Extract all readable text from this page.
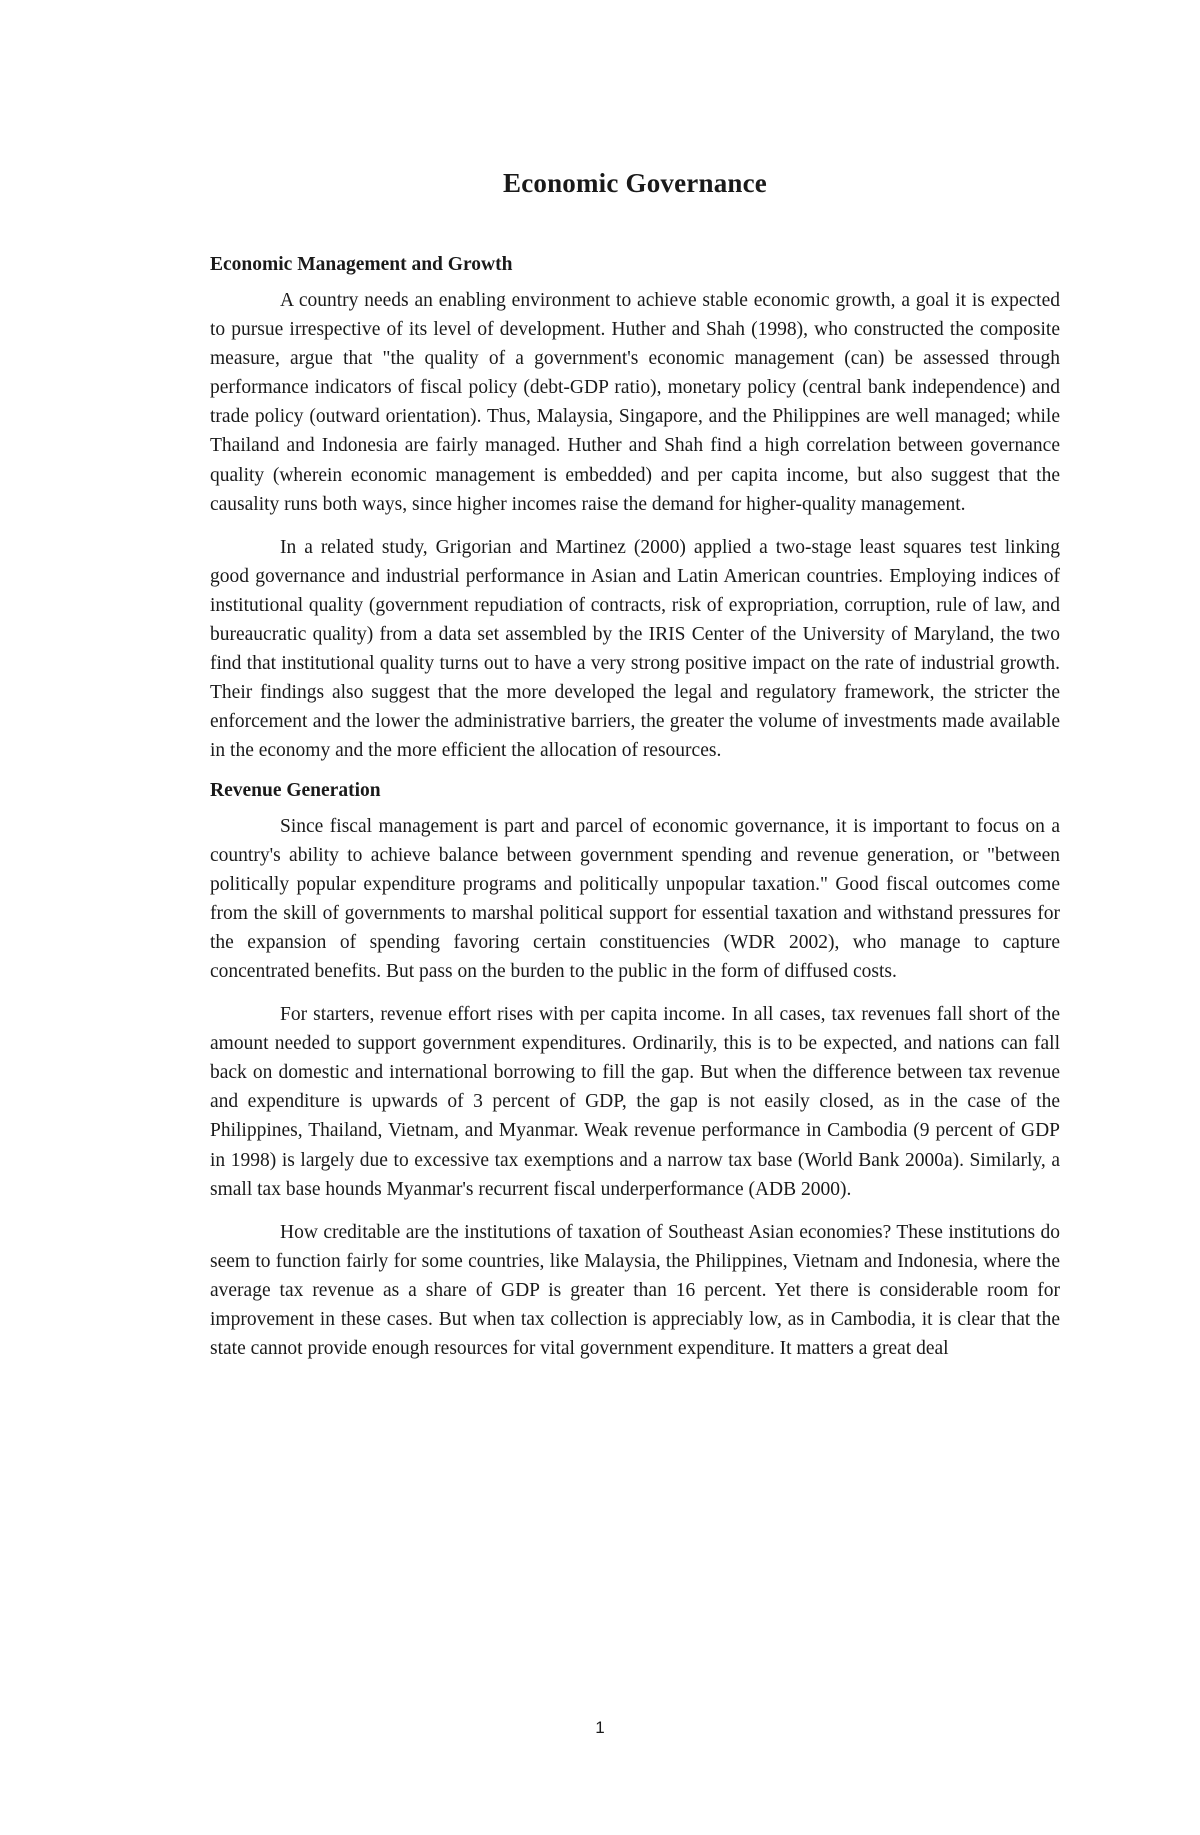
Economic Governance
Economic Management and Growth

A country needs an enabling environment to achieve stable economic growth, a goal it is expected to pursue irrespective of its level of development. Huther and Shah (1998), who constructed the composite measure, argue that "the quality of a government's economic management (can) be assessed through performance indicators of fiscal policy (debt-GDP ratio), monetary policy (central bank independence) and trade policy (outward orientation). Thus, Malaysia, Singapore, and the Philippines are well managed; while Thailand and Indonesia are fairly managed. Huther and Shah find a high correlation between governance quality (wherein economic management is embedded) and per capita income, but also suggest that the causality runs both ways, since higher incomes raise the demand for higher-quality management.

In a related study, Grigorian and Martinez (2000) applied a two-stage least squares test linking good governance and industrial performance in Asian and Latin American countries. Employing indices of institutional quality (government repudiation of contracts, risk of expropriation, corruption, rule of law, and bureaucratic quality) from a data set assembled by the IRIS Center of the University of Maryland, the two find that institutional quality turns out to have a very strong positive impact on the rate of industrial growth. Their findings also suggest that the more developed the legal and regulatory framework, the stricter the enforcement and the lower the administrative barriers, the greater the volume of investments made available in the economy and the more efficient the allocation of resources.

Revenue Generation

Since fiscal management is part and parcel of economic governance, it is important to focus on a country's ability to achieve balance between government spending and revenue generation, or "between politically popular expenditure programs and politically unpopular taxation." Good fiscal outcomes come from the skill of governments to marshal political support for essential taxation and withstand pressures for the expansion of spending favoring certain constituencies (WDR 2002), who manage to capture concentrated benefits. But pass on the burden to the public in the form of diffused costs.

For starters, revenue effort rises with per capita income. In all cases, tax revenues fall short of the amount needed to support government expenditures. Ordinarily, this is to be expected, and nations can fall back on domestic and international borrowing to fill the gap. But when the difference between tax revenue and expenditure is upwards of 3 percent of GDP, the gap is not easily closed, as in the case of the Philippines, Thailand, Vietnam, and Myanmar. Weak revenue performance in Cambodia (9 percent of GDP in 1998) is largely due to excessive tax exemptions and a narrow tax base (World Bank 2000a). Similarly, a small tax base hounds Myanmar's recurrent fiscal underperformance (ADB 2000).

How creditable are the institutions of taxation of Southeast Asian economies? These institutions do seem to function fairly for some countries, like Malaysia, the Philippines, Vietnam and Indonesia, where the average tax revenue as a share of GDP is greater than 16 percent. Yet there is considerable room for improvement in these cases. But when tax collection is appreciably low, as in Cambodia, it is clear that the state cannot provide enough resources for vital government expenditure. It matters a great deal

1
